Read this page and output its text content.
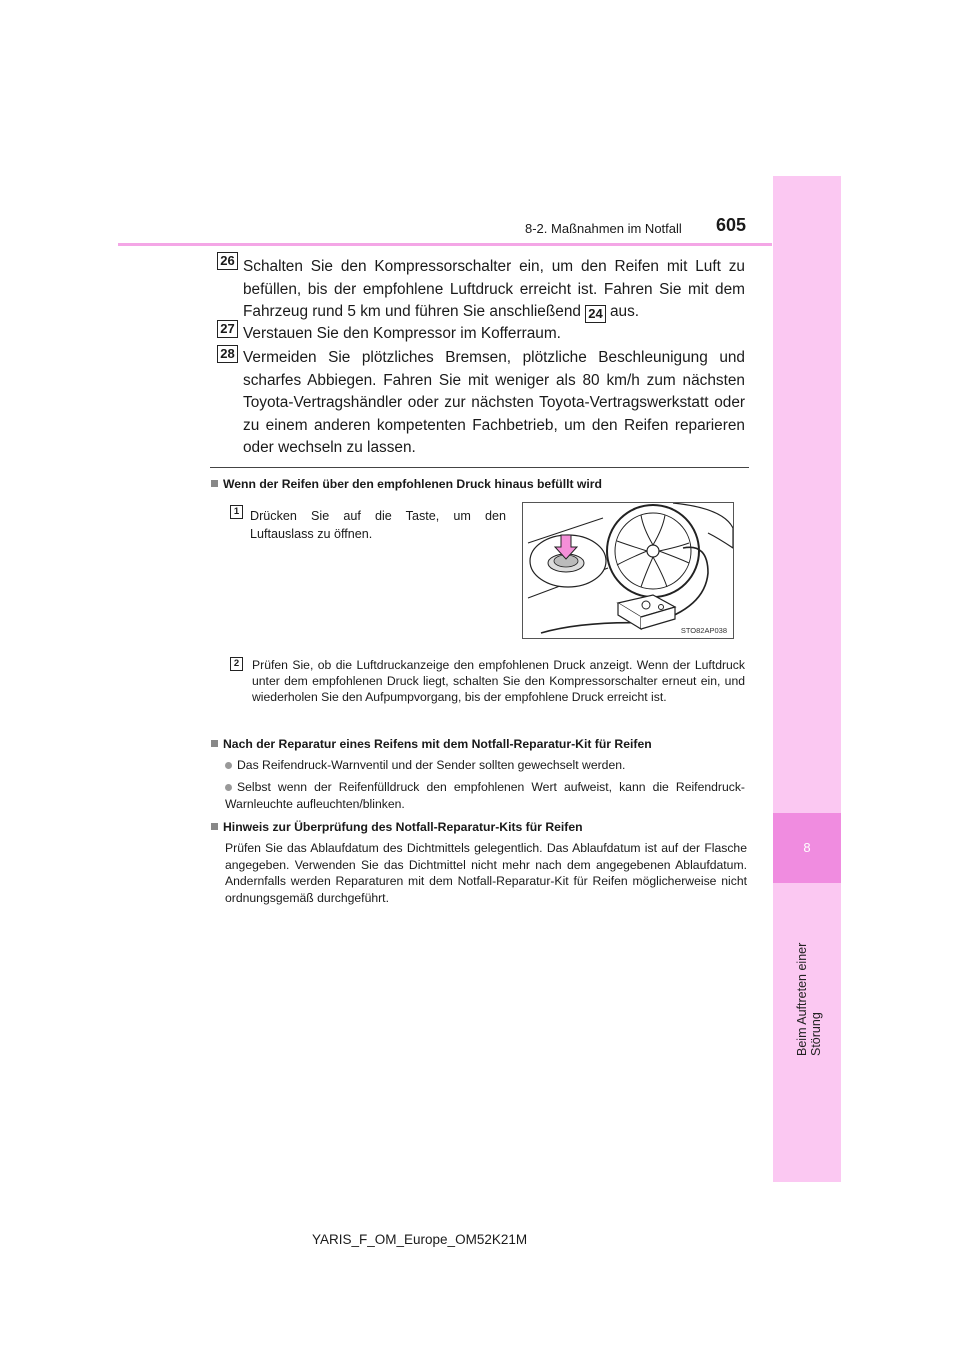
8-2. Maßnahmen im Notfall 605
8
Beim Auftreten einer Störung
26 Schalten Sie den Kompressorschalter ein, um den Reifen mit Luft zu befüllen, bis der empfohlene Luftdruck erreicht ist. Fahren Sie mit dem Fahrzeug rund 5 km und führen Sie anschließend 24 aus.
27 Verstauen Sie den Kompressor im Kofferraum.
28 Vermeiden Sie plötzliches Bremsen, plötzliche Beschleunigung und scharfes Abbiegen. Fahren Sie mit weniger als 80 km/h zum nächsten Toyota-Vertragshändler oder zur nächsten Toyota-Vertragswerkstatt oder zu einem anderen kompetenten Fachbetrieb, um den Reifen reparieren oder wechseln zu lassen.
Wenn der Reifen über den empfohlenen Druck hinaus befüllt wird
1 Drücken Sie auf die Taste, um den Luftauslass zu öffnen.
STO82AP038
2	Prüfen Sie, ob die Luftdruckanzeige den empfohlenen Druck anzeigt. Wenn der Luftdruck unter dem empfohlenen Druck liegt, schalten Sie den Kompressorschalter erneut ein, und wiederholen Sie den Aufpumpvorgang, bis der empfohlene Druck erreicht ist.
Nach der Reparatur eines Reifens mit dem Notfall-Reparatur-Kit für Reifen
Das Reifendruck-Warnventil und der Sender sollten gewechselt werden.
Selbst wenn der Reifenfülldruck den empfohlenen Wert aufweist, kann die Reifendruck-Warnleuchte aufleuchten/blinken.
Hinweis zur Überprüfung des Notfall-Reparatur-Kits für Reifen
Prüfen Sie das Ablaufdatum des Dichtmittels gelegentlich. Das Ablaufdatum ist auf der Flasche angegeben. Verwenden Sie das Dichtmittel nicht mehr nach dem angegebenen Ablaufdatum. Andernfalls werden Reparaturen mit dem Notfall-Reparatur-Kit für Reifen möglicherweise nicht ordnungsgemäß durchgeführt.
YARIS_F_OM_Europe_OM52K21M
